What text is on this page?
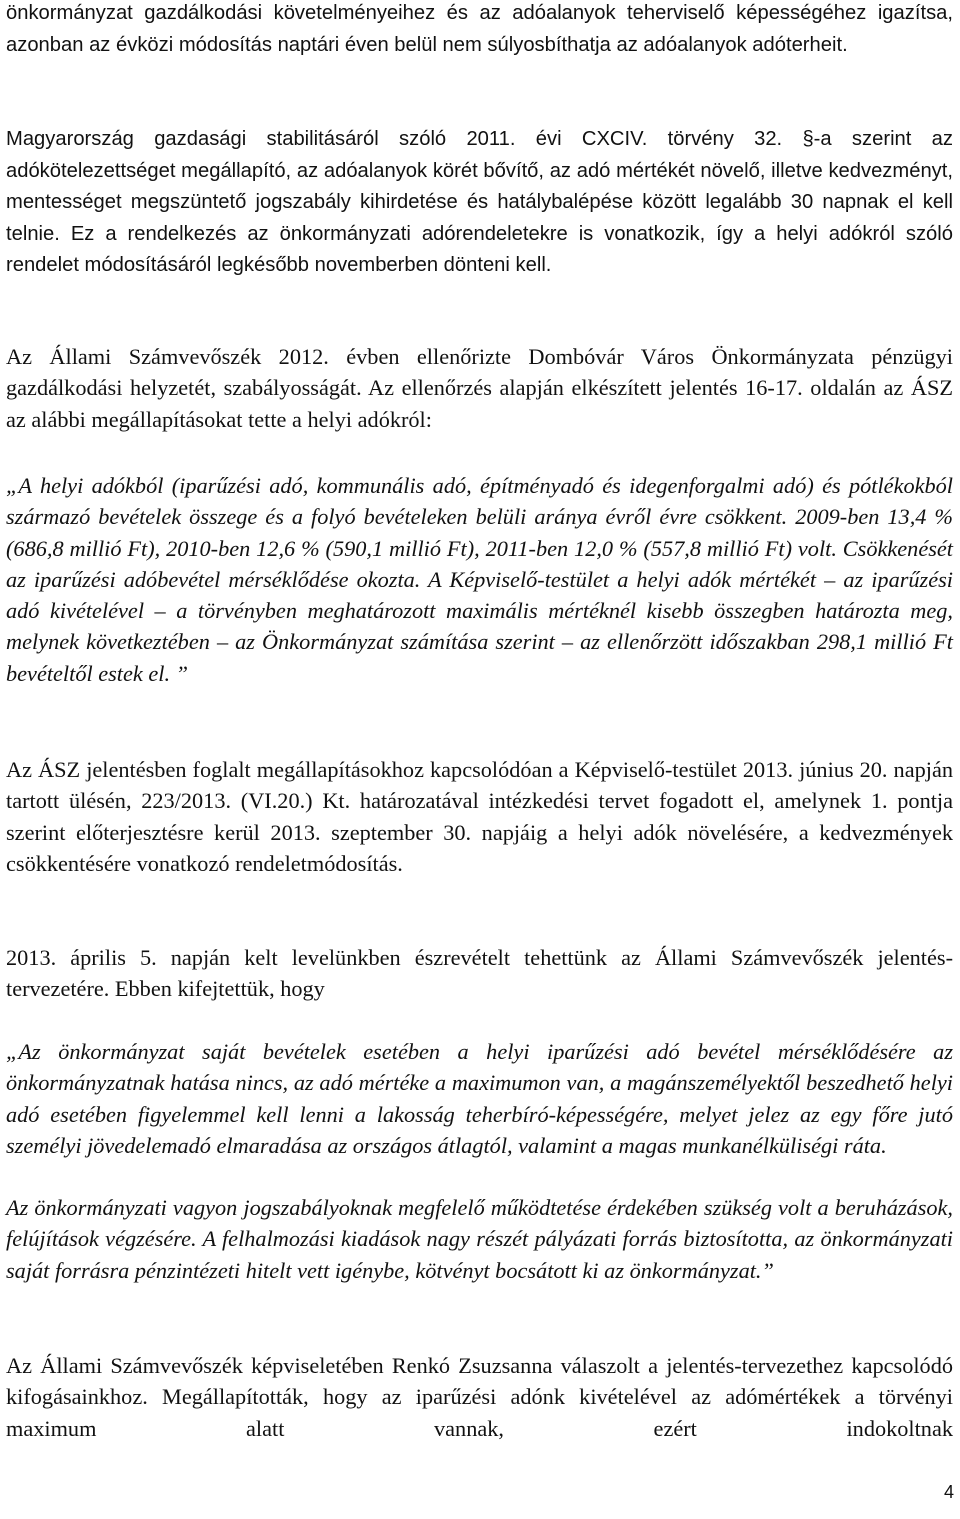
önkormányzat gazdálkodási követelményeihez és az adóalanyok teherviselő képességéhez igazítsa, azonban az évközi módosítás naptári éven belül nem súlyosbíthatja az adóalanyok adóterheit.

Magyarország gazdasági stabilitásáról szóló 2011. évi CXCIV. törvény 32. §-a szerint az adókötelezettséget megállapító, az adóalanyok körét bővítő, az adó mértékét növelő, illetve kedvezményt, mentességet megszüntető jogszabály kihirdetése és hatálybalépése között legalább 30 napnak el kell telnie. Ez a rendelkezés az önkormányzati adórendeletekre is vonatkozik, így a helyi adókról szóló rendelet módosításáról legkésőbb novemberben dönteni kell.

Az Állami Számvevőszék 2012. évben ellenőrizte Dombóvár Város Önkormányzata pénzügyi gazdálkodási helyzetét, szabályosságát. Az ellenőrzés alapján elkészített jelentés 16-17. oldalán az ÁSZ az alábbi megállapításokat tette a helyi adókról:

„A helyi adókból (iparűzési adó, kommunális adó, építményadó és idegenforgalmi adó) és pótlékokból származó bevételek összege és a folyó bevételeken belüli aránya évről évre csökkent. 2009-ben 13,4 % (686,8 millió Ft), 2010-ben 12,6 % (590,1 millió Ft), 2011-ben 12,0 % (557,8 millió Ft) volt. Csökkenését az iparűzési adóbevétel mérséklődése okozta. A Képviselő-testület a helyi adók mértékét – az iparűzési adó kivételével – a törvényben meghatározott maximális mértéknél kisebb összegben határozta meg, melynek következtében – az Önkormányzat számítása szerint – az ellenőrzött időszakban 298,1 millió Ft bevételtől estek el. ”

Az ÁSZ jelentésben foglalt megállapításokhoz kapcsolódóan a Képviselő-testület 2013. június 20. napján tartott ülésén, 223/2013. (VI.20.) Kt. határozatával intézkedési tervet fogadott el, amelynek 1. pontja szerint előterjesztésre kerül 2013. szeptember 30. napjáig a helyi adók növelésére, a kedvezmények csökkentésére vonatkozó rendeletmódosítás.

2013. április 5. napján kelt levelünkben észrevételt tehettünk az Állami Számvevőszék jelentés-tervezetére. Ebben kifejtettük, hogy

„Az önkormányzat saját bevételek esetében a helyi iparűzési adó bevétel mérséklődésére az önkormányzatnak hatása nincs, az adó mértéke a maximumon van, a magánszemélyektől beszedhető helyi adó esetében figyelemmel kell lenni a lakosság teherbíró-képességére, melyet jelez az egy főre jutó személyi jövedelemadó elmaradása az országos átlagtól, valamint a magas munkanélküliségi ráta.

Az önkormányzati vagyon jogszabályoknak megfelelő működtetése érdekében szükség volt a beruházások, felújítások végzésére. A felhalmozási kiadások nagy részét pályázati forrás biztosította, az önkormányzati saját forrásra pénzintézeti hitelt vett igénybe, kötvényt bocsátott ki az önkormányzat.”

Az Állami Számvevőszék képviseletében Renkó Zsuzsanna válaszolt a jelentés-tervezethez kapcsolódó kifogásainkhoz. Megállapították, hogy az iparűzési adónk kivételével az adómértékek a törvényi maximum alatt vannak, ezért indokoltnak

4
